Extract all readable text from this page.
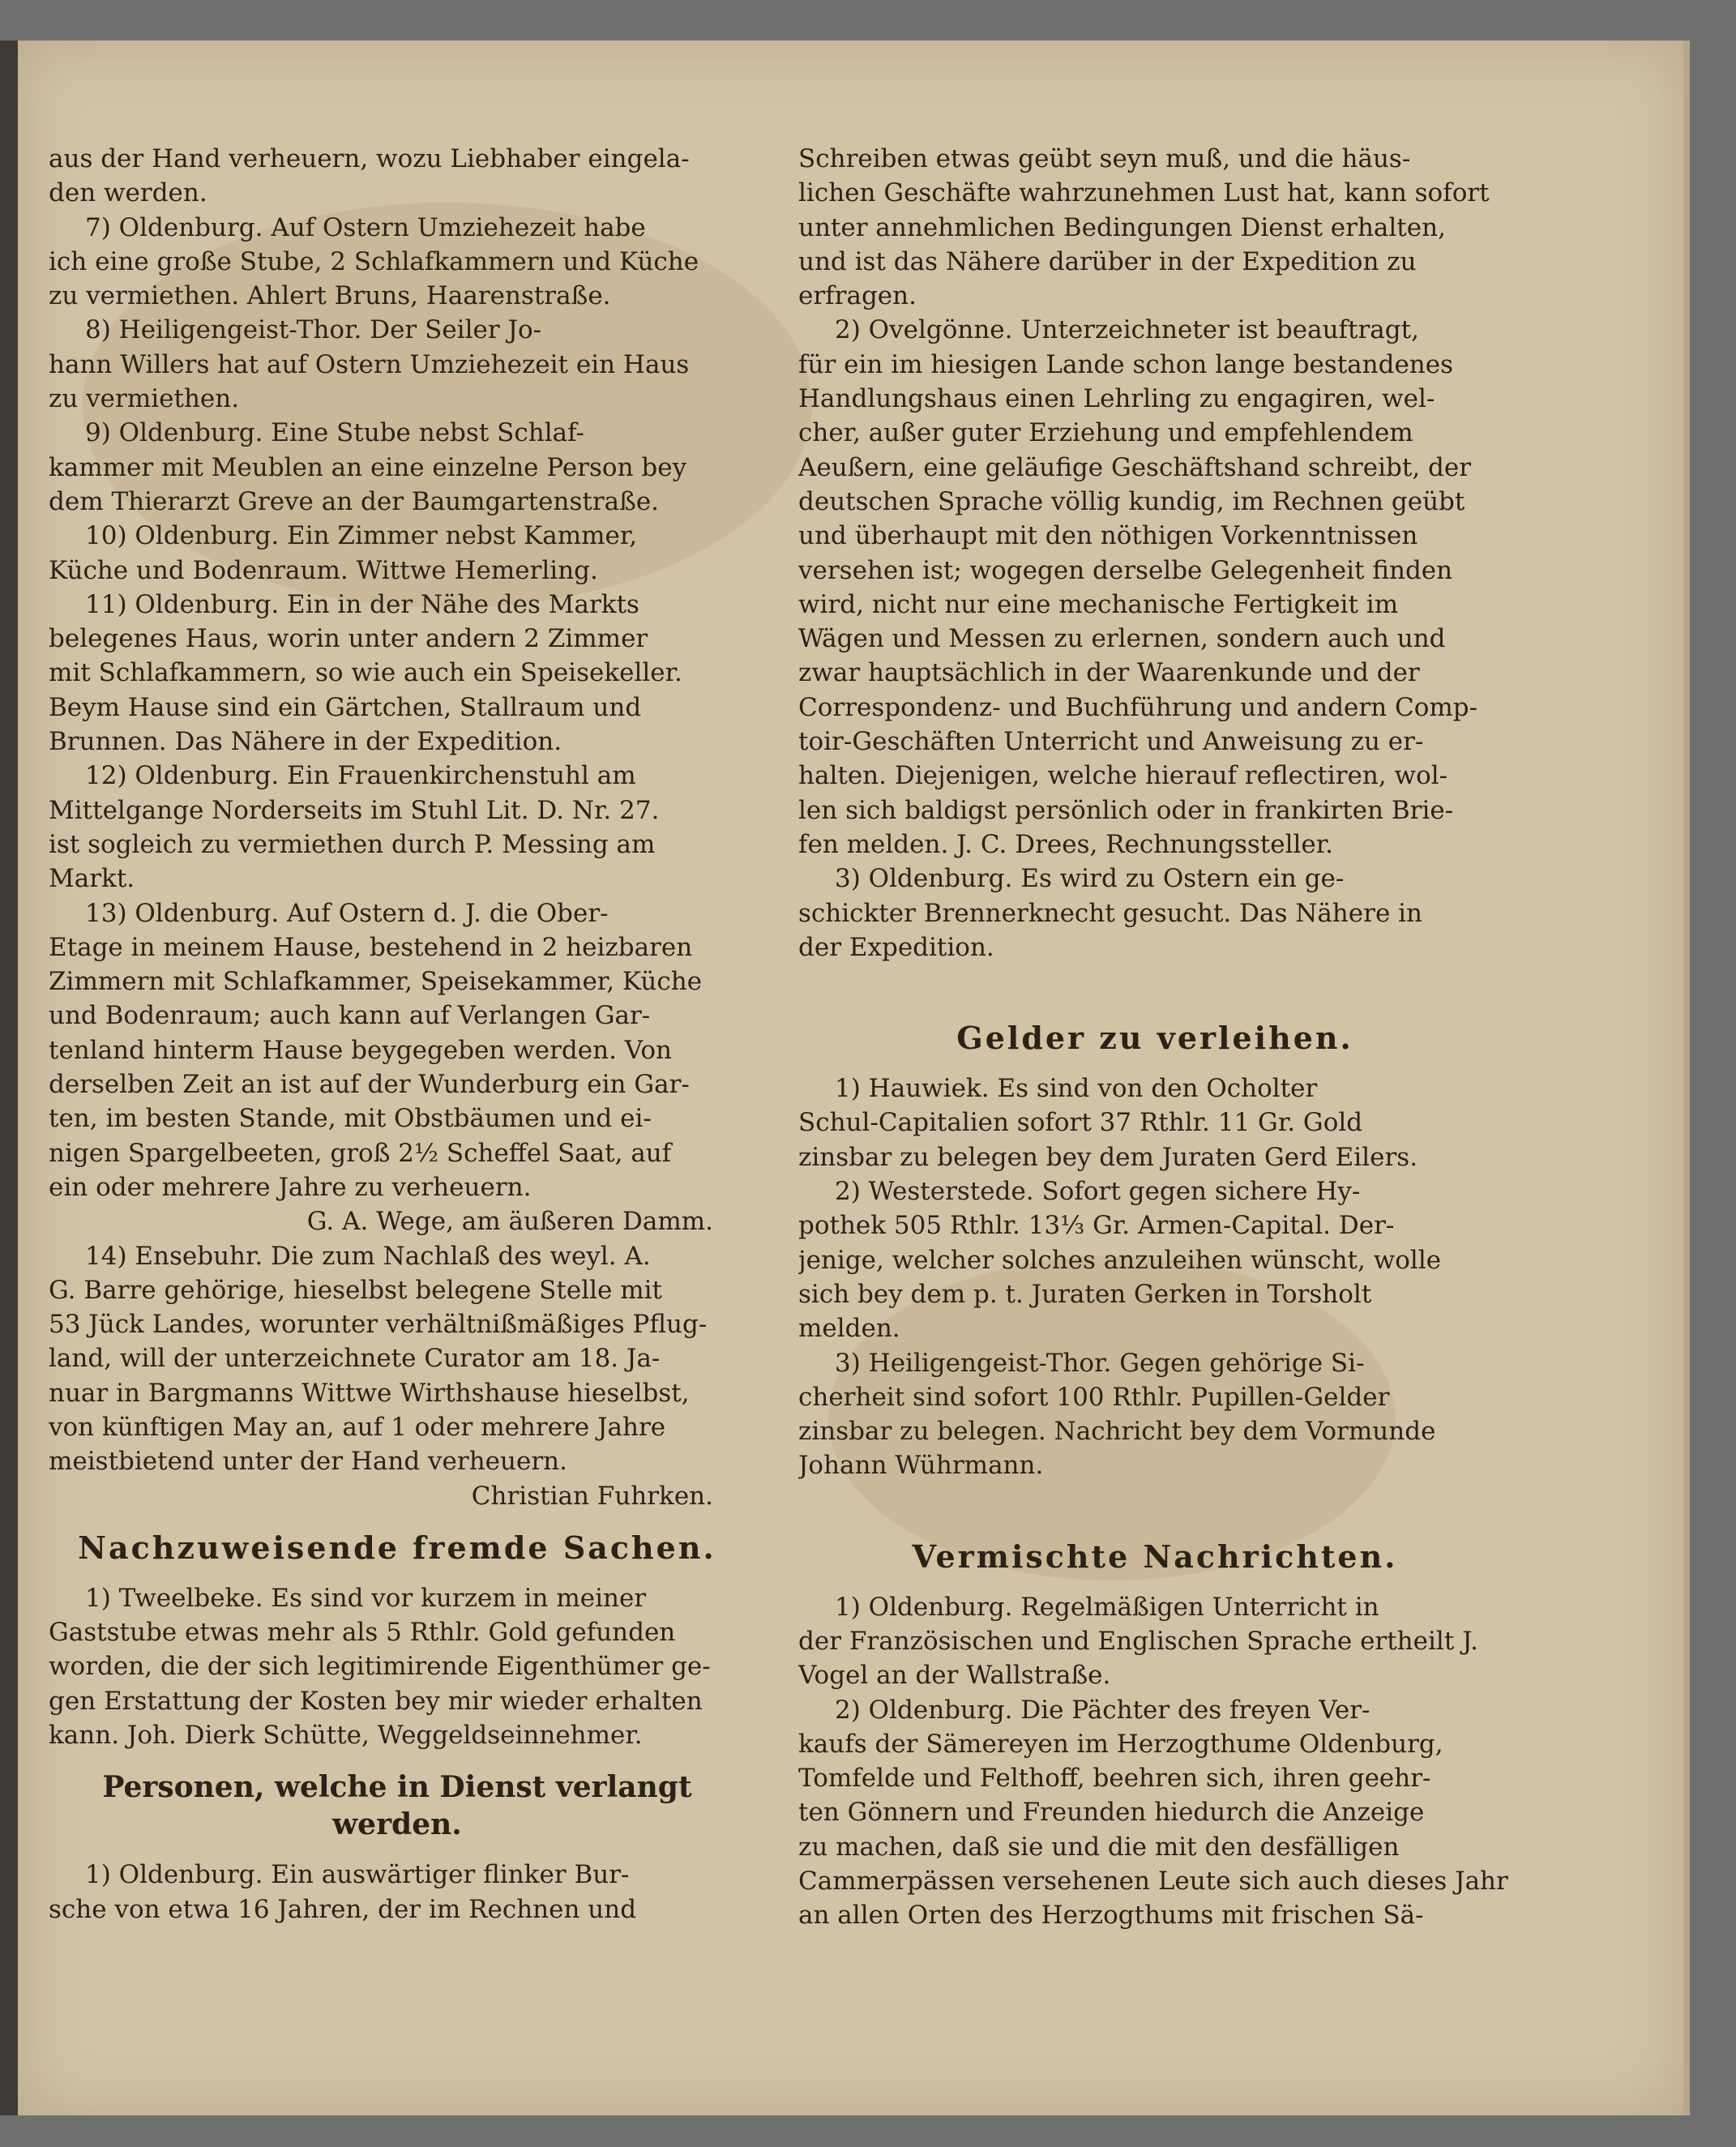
aus der Hand verheuern, wozu Liebhaber eingela-
den werden.
7) Oldenburg. Auf Ostern Umziehezeit habe
ich eine große Stube, 2 Schlafkammern und Küche
zu vermiethen. Ahlert Bruns, Haarenstraße.
8) Heiligengeist-Thor. Der Seiler Jo-
hann Willers hat auf Ostern Umziehezeit ein Haus
zu vermiethen.
9) Oldenburg. Eine Stube nebst Schlaf-
kammer mit Meublen an eine einzelne Person bey
dem Thierarzt Greve an der Baumgartenstraße.
10) Oldenburg. Ein Zimmer nebst Kammer,
Küche und Bodenraum. Wittwe Hemerling.
11) Oldenburg. Ein in der Nähe des Markts
belegenes Haus, worin unter andern 2 Zimmer
mit Schlafkammern, so wie auch ein Speisekeller.
Beym Hause sind ein Gärtchen, Stallraum und
Brunnen. Das Nähere in der Expedition.
12) Oldenburg. Ein Frauenkirchenstuhl am
Mittelgange Norderseits im Stuhl Lit. D. Nr. 27.
ist sogleich zu vermiethen durch P. Messing am
Markt.
13) Oldenburg. Auf Ostern d. J. die Ober-
Etage in meinem Hause, bestehend in 2 heizbaren
Zimmern mit Schlafkammer, Speisekammer, Küche
und Bodenraum; auch kann auf Verlangen Gar-
tenland hinterm Hause beygegeben werden. Von
derselben Zeit an ist auf der Wunderburg ein Gar-
ten, im besten Stande, mit Obstbäumen und ei-
nigen Spargelbeeten, groß 2½ Scheffel Saat, auf
ein oder mehrere Jahre zu verheuern.
G. A. Wege, am äußeren Damm.
14) Ensebuhr. Die zum Nachlaß des weyl. A.
G. Barre gehörige, hieselbst belegene Stelle mit
53 Jück Landes, worunter verhältnißmäßiges Pflug-
land, will der unterzeichnete Curator am 18. Ja-
nuar in Bargmanns Wittwe Wirthshause hieselbst,
von künftigen May an, auf 1 oder mehrere Jahre
meistbietend unter der Hand verheuern.
Christian Fuhrken.
Nachzuweisende fremde Sachen.
1) Tweelbeke. Es sind vor kurzem in meiner
Gaststube etwas mehr als 5 Rthlr. Gold gefunden
worden, die der sich legitimirende Eigenthümer ge-
gen Erstattung der Kosten bey mir wieder erhalten
kann. Joh. Dierk Schütte, Weggeldseinnehmer.
Personen, welche in Dienst verlangt werden.
1) Oldenburg. Ein auswärtiger flinker Bur-
sche von etwa 16 Jahren, der im Rechnen und
Schreiben etwas geübt seyn muß, und die häus-
lichen Geschäfte wahrzunehmen Lust hat, kann sofort
unter annehmlichen Bedingungen Dienst erhalten,
und ist das Nähere darüber in der Expedition zu
erfragen.
2) Ovelgönne. Unterzeichneter ist beauftragt,
für ein im hiesigen Lande schon lange bestandenes
Handlungshaus einen Lehrling zu engagiren, wel-
cher, außer guter Erziehung und empfehlendem
Aeußern, eine geläufige Geschäftshand schreibt, der
deutschen Sprache völlig kundig, im Rechnen geübt
und überhaupt mit den nöthigen Vorkenntnissen
versehen ist; wogegen derselbe Gelegenheit finden
wird, nicht nur eine mechanische Fertigkeit im
Wägen und Messen zu erlernen, sondern auch und
zwar hauptsächlich in der Waarenkunde und der
Correspondenz- und Buchführung und andern Comp-
toir-Geschäften Unterricht und Anweisung zu er-
halten. Diejenigen, welche hierauf reflectiren, wol-
len sich baldigst persönlich oder in frankirten Brie-
fen melden. J. C. Drees, Rechnungssteller.
3) Oldenburg. Es wird zu Ostern ein ge-
schickter Brennerknecht gesucht. Das Nähere in
der Expedition.
Gelder zu verleihen.
1) Hauwiek. Es sind von den Ocholter
Schul-Capitalien sofort 37 Rthlr. 11 Gr. Gold
zinsbar zu belegen bey dem Juraten Gerd Eilers.
2) Westerstede. Sofort gegen sichere Hy-
pothek 505 Rthlr. 13⅓ Gr. Armen-Capital. Der-
jenige, welcher solches anzuleihen wünscht, wolle
sich bey dem p. t. Juraten Gerken in Torsholt
melden.
3) Heiligengeist-Thor. Gegen gehörige Si-
cherheit sind sofort 100 Rthlr. Pupillen-Gelder
zinsbar zu belegen. Nachricht bey dem Vormunde
Johann Wührmann.
Vermischte Nachrichten.
1) Oldenburg. Regelmäßigen Unterricht in
der Französischen und Englischen Sprache ertheilt J.
Vogel an der Wallstraße.
2) Oldenburg. Die Pächter des freyen Ver-
kaufs der Sämereyen im Herzogthume Oldenburg,
Tomfelde und Felthoff, beehren sich, ihren geehr-
ten Gönnern und Freunden hiedurch die Anzeige
zu machen, daß sie und die mit den desfälligen
Cammerpässen versehenen Leute sich auch dieses Jahr
an allen Orten des Herzogthums mit frischen Sä-
